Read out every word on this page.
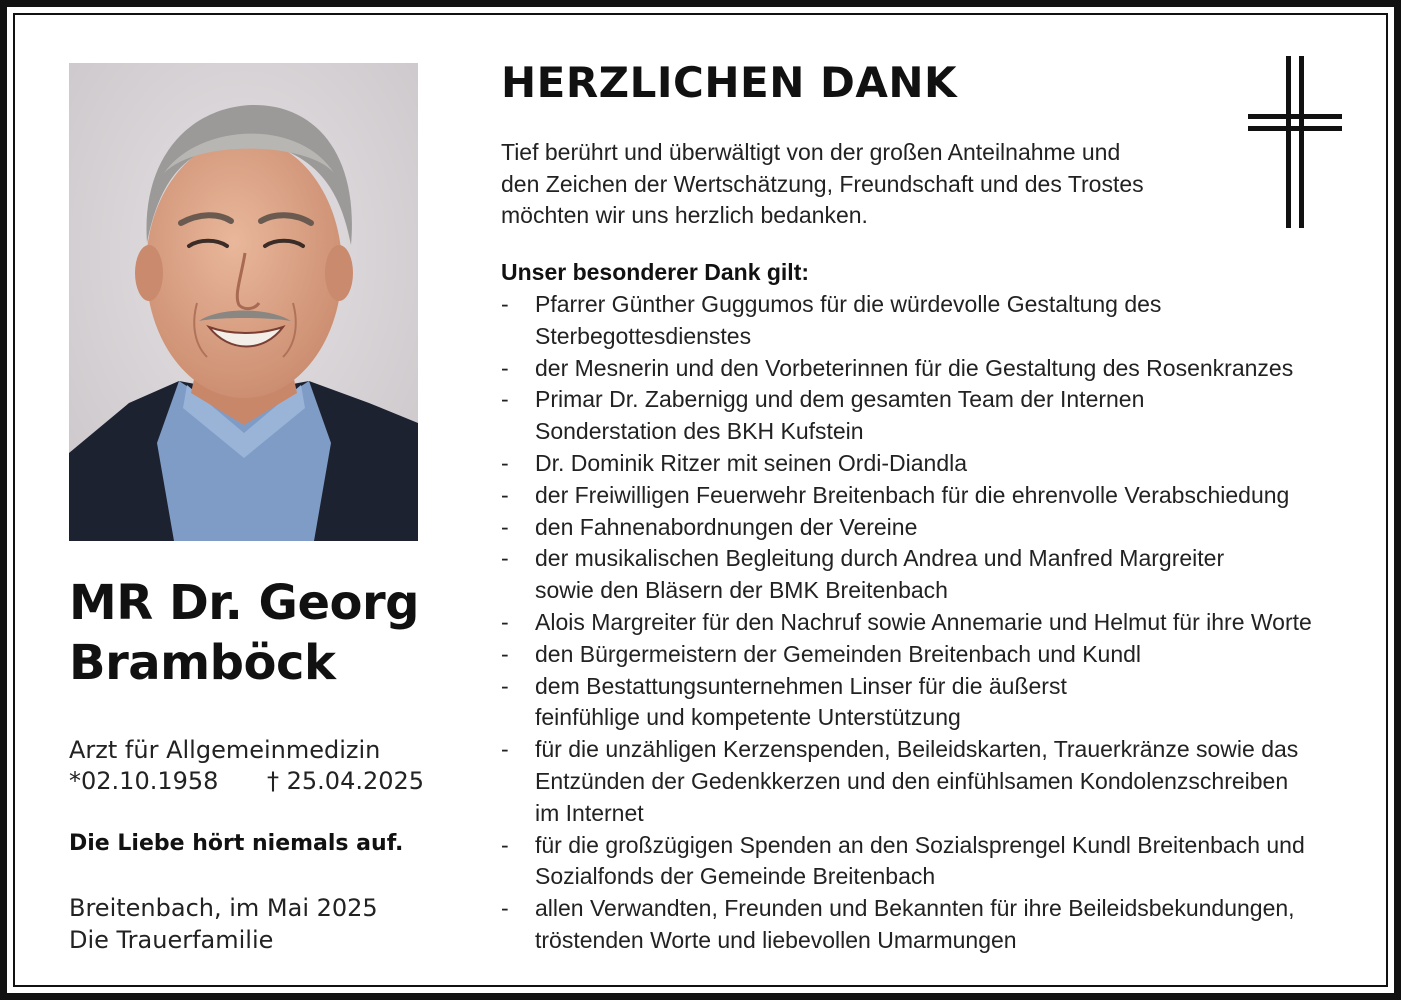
MR Dr. Georg
Bramböck
Arzt für Allgemeinmedizin
*02.10.1958 † 25.04.2025
Die Liebe hört niemals auf.
Breitenbach, im Mai 2025
Die Trauerfamilie
HERZLICHEN DANK
Tief berührt und überwältigt von der großen Anteilnahme und
den Zeichen der Wertschätzung, Freundschaft und des Trostes
möchten wir uns herzlich bedanken.
Unser besonderer Dank gilt:
- Pfarrer Günther Guggumos für die würdevolle Gestaltung des
Sterbegottesdienstes
- der Mesnerin und den Vorbeterinnen für die Gestaltung des Rosenkranzes
- Primar Dr. Zabernigg und dem gesamten Team der Internen
Sonderstation des BKH Kufstein
- Dr. Dominik Ritzer mit seinen Ordi-Diandla
- der Freiwilligen Feuerwehr Breitenbach für die ehrenvolle Verabschiedung
- den Fahnenabordnungen der Vereine
- der musikalischen Begleitung durch Andrea und Manfred Margreiter
sowie den Bläsern der BMK Breitenbach
- Alois Margreiter für den Nachruf sowie Annemarie und Helmut für ihre Worte
- den Bürgermeistern der Gemeinden Breitenbach und Kundl
- dem Bestattungsunternehmen Linser für die äußerst
feinfühlige und kompetente Unterstützung
- für die unzähligen Kerzenspenden, Beileidskarten, Trauerkränze sowie das
Entzünden der Gedenkkerzen und den einfühlsamen Kondolenzschreiben
im Internet
- für die großzügigen Spenden an den Sozialsprengel Kundl Breitenbach und
Sozialfonds der Gemeinde Breitenbach
- allen Verwandten, Freunden und Bekannten für ihre Beileidsbekundungen,
tröstenden Worte und liebevollen Umarmungen
